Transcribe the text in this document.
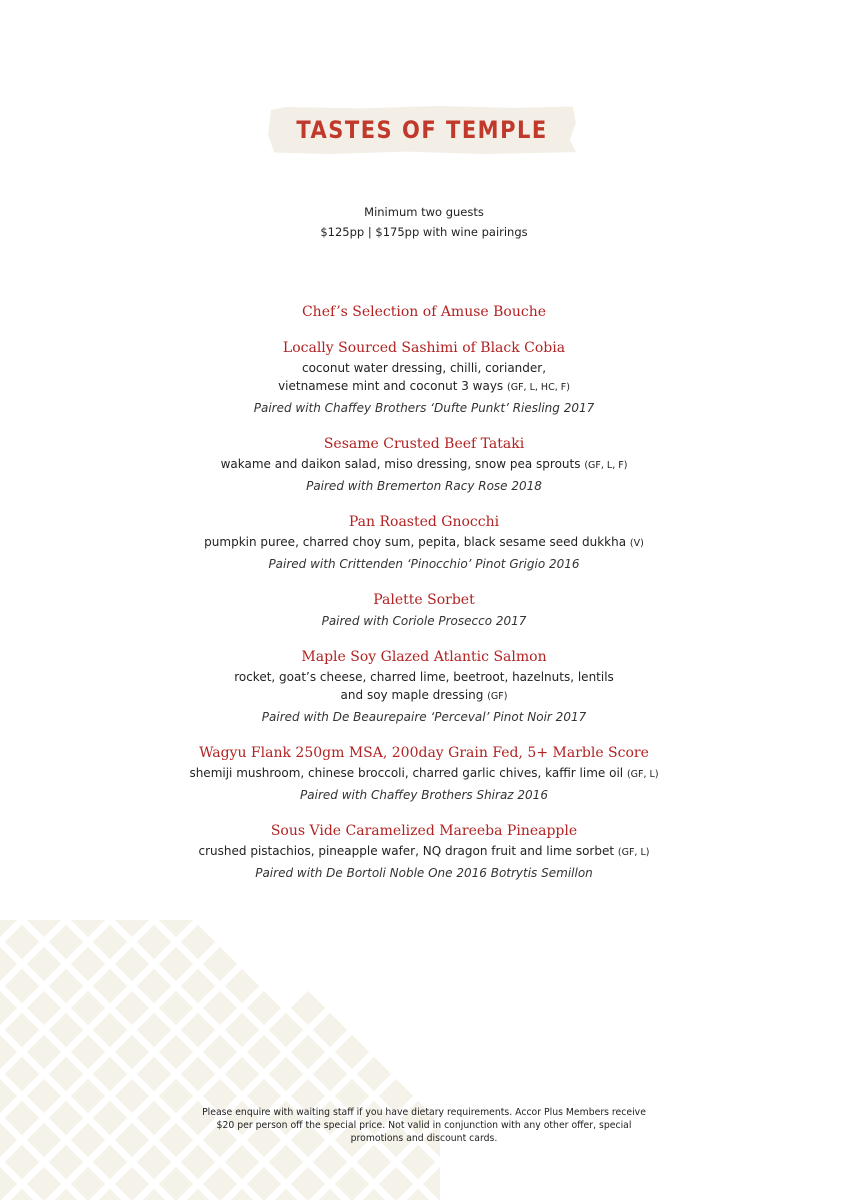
TASTES OF TEMPLE
Minimum two guests
$125pp | $175pp with wine pairings
Chef’s Selection of Amuse Bouche
Locally Sourced Sashimi of Black Cobia
coconut water dressing, chilli, coriander,
vietnamese mint and coconut 3 ways (GF, L, HC, F)
Paired with Chaffey Brothers ‘Dufte Punkt’ Riesling 2017
Sesame Crusted Beef Tataki
wakame and daikon salad, miso dressing, snow pea sprouts (GF, L, F)
Paired with Bremerton Racy Rose 2018
Pan Roasted Gnocchi
pumpkin puree, charred choy sum, pepita, black sesame seed dukkha (V)
Paired with Crittenden ‘Pinocchio’ Pinot Grigio 2016
Palette Sorbet
Paired with Coriole Prosecco 2017
Maple Soy Glazed Atlantic Salmon
rocket, goat’s cheese, charred lime, beetroot, hazelnuts, lentils
and soy maple dressing (GF)
Paired with De Beaurepaire ‘Perceval’ Pinot Noir 2017
Wagyu Flank 250gm MSA, 200day Grain Fed, 5+ Marble Score
shemiji mushroom, chinese broccoli, charred garlic chives, kaffir lime oil (GF, L)
Paired with Chaffey Brothers Shiraz 2016
Sous Vide Caramelized Mareeba Pineapple
crushed pistachios, pineapple wafer, NQ dragon fruit and lime sorbet (GF, L)
Paired with De Bortoli Noble One 2016 Botrytis Semillon
Please enquire with waiting staff if you have dietary requirements. Accor Plus Members receive
$20 per person off the special price. Not valid in conjunction with any other offer, special
promotions and discount cards.
